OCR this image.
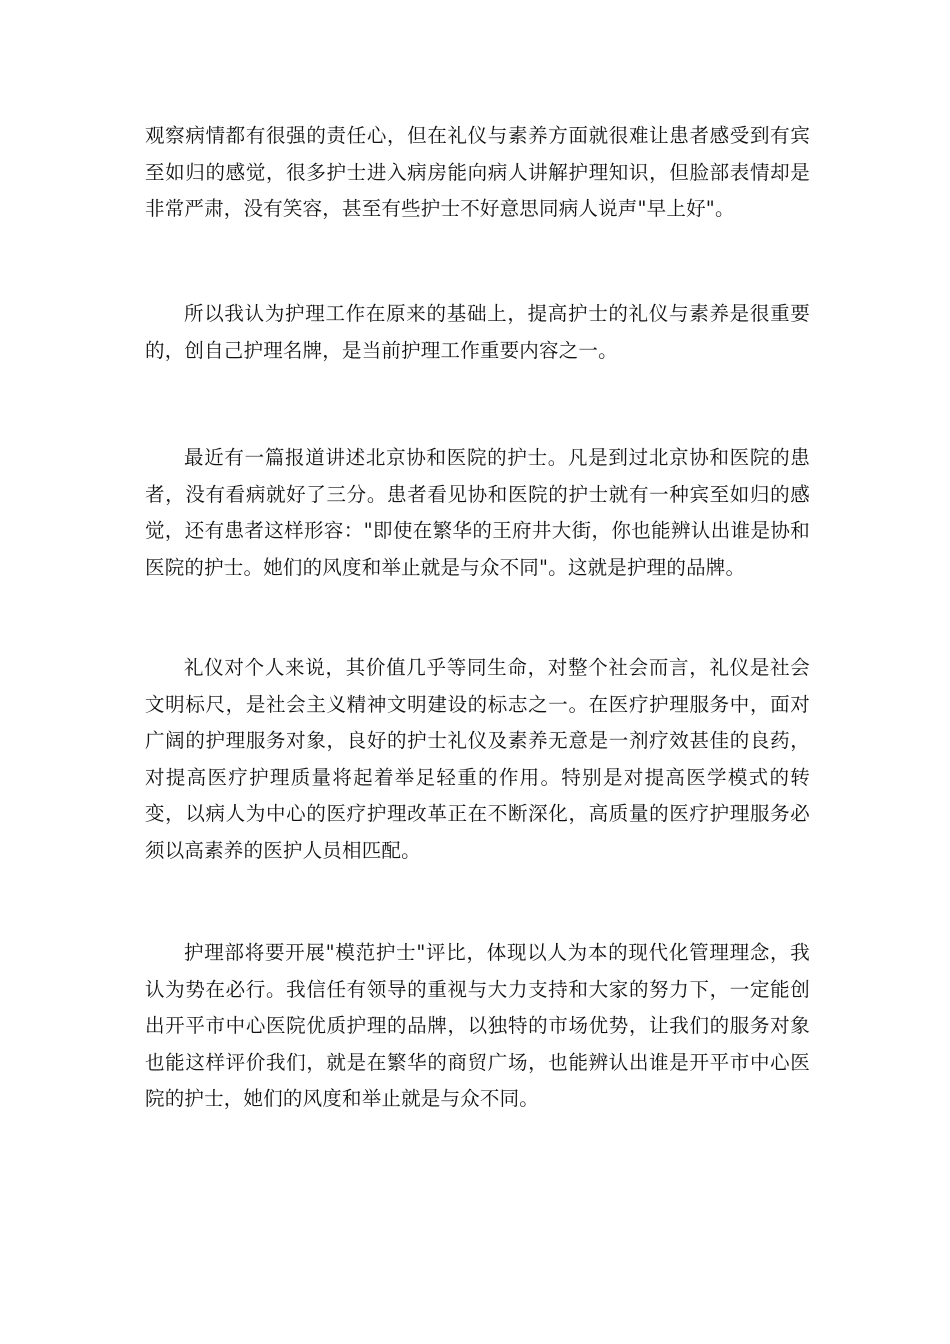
观察病情都有很强的责任心，但在礼仪与素养方面就很难让患者感受到有宾至如归的感觉，很多护士进入病房能向病人讲解护理知识，但脸部表情却是非常严肃，没有笑容，甚至有些护士不好意思同病人说声"早上好"。

所以我认为护理工作在原来的基础上，提高护士的礼仪与素养是很重要的，创自己护理名牌，是当前护理工作重要内容之一。

最近有一篇报道讲述北京协和医院的护士。凡是到过北京协和医院的患者，没有看病就好了三分。患者看见协和医院的护士就有一种宾至如归的感觉，还有患者这样形容："即使在繁华的王府井大街，你也能辨认出谁是协和医院的护士。她们的风度和举止就是与众不同"。这就是护理的品牌。

礼仪对个人来说，其价值几乎等同生命，对整个社会而言，礼仪是社会文明标尺，是社会主义精神文明建设的标志之一。在医疗护理服务中，面对广阔的护理服务对象，良好的护士礼仪及素养无意是一剂疗效甚佳的良药，对提高医疗护理质量将起着举足轻重的作用。特别是对提高医学模式的转变，以病人为中心的医疗护理改革正在不断深化，高质量的医疗护理服务必须以高素养的医护人员相匹配。

护理部将要开展"模范护士"评比，体现以人为本的现代化管理理念，我认为势在必行。我信任有领导的重视与大力支持和大家的努力下，一定能创出开平市中心医院优质护理的品牌，以独特的市场优势，让我们的服务对象也能这样评价我们，就是在繁华的商贸广场，也能辨认出谁是开平市中心医院的护士，她们的风度和举止就是与众不同。
